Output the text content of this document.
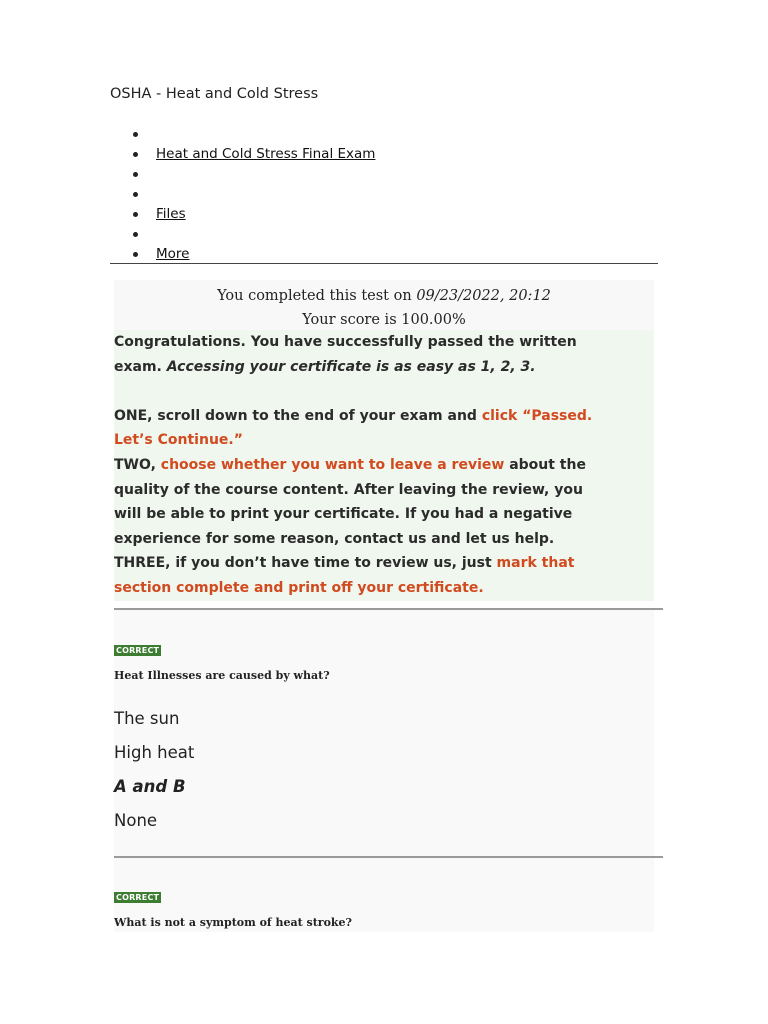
OSHA - Heat and Cold Stress
Heat and Cold Stress Final Exam
Files
More
You completed this test on 09/23/2022, 20:12
Your score is 100.00%

Congratulations. You have successfully passed the written exam. Accessing your certificate is as easy as 1, 2, 3.

ONE, scroll down to the end of your exam and click “Passed. Let’s Continue.”

TWO, choose whether you want to leave a review about the quality of the course content. After leaving the review, you will be able to print your certificate. If you had a negative experience for some reason, contact us and let us help.

THREE, if you don’t have time to review us, just mark that section complete and print off your certificate.

CORRECT
Heat Illnesses are caused by what?
The sun
High heat
A and B
None
CORRECT
What is not a symptom of heat stroke?
